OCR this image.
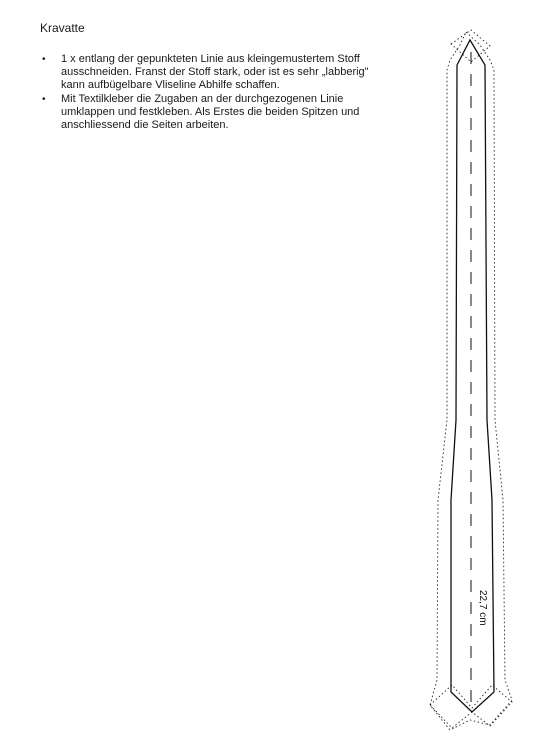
Kravatte
• 1 x entlang der gepunkteten Linie aus kleingemustertem Stoff ausschneiden. Franst der Stoff stark, oder ist es sehr „labberig" kann aufbügelbare Vliseline Abhilfe schaffen.
• Mit Textilkleber die Zugaben an der durchgezogenen Linie umklappen und festkleben. Als Erstes die beiden Spitzen und anschliessend die Seiten arbeiten.
22,7 cm
